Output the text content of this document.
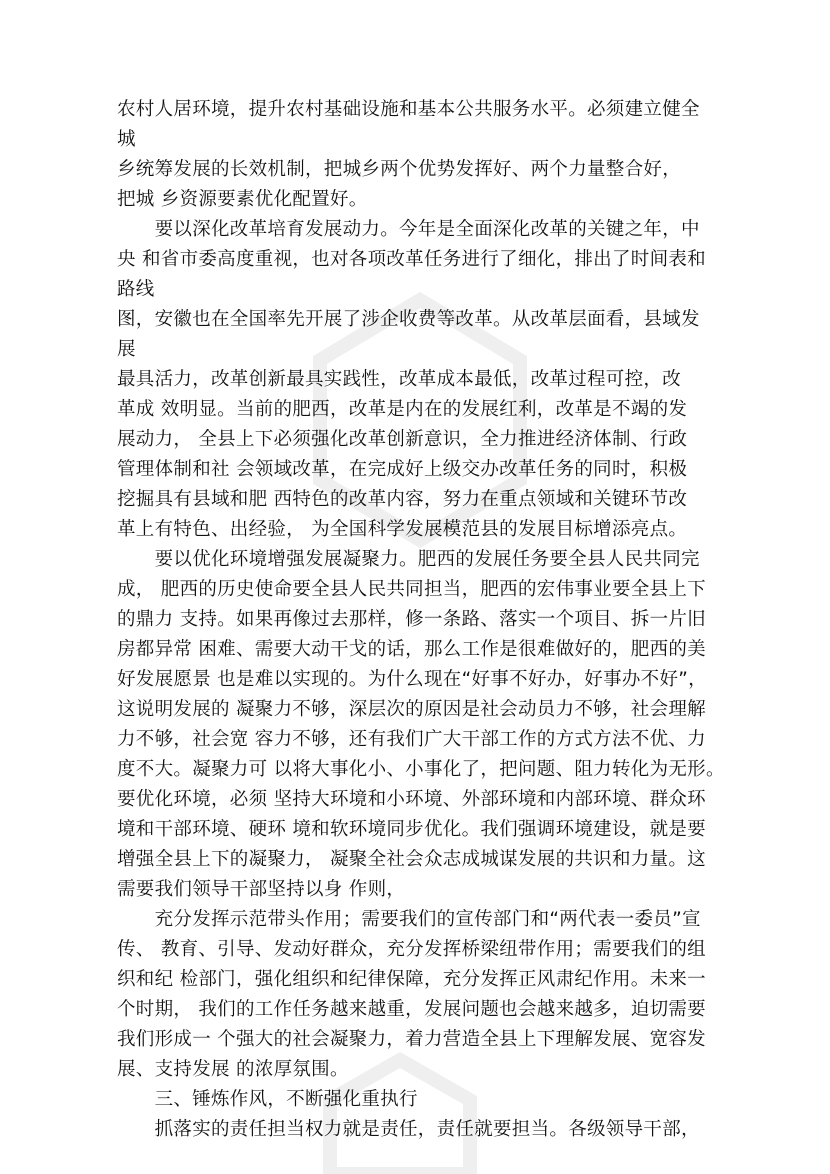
农村人居环境，提升农村基础设施和基本公共服务水平。必须建立健全
城
乡统筹发展的长效机制，把城乡两个优势发挥好、两个力量整合好，
把城 乡资源要素优化配置好。
　　要以深化改革培育发展动力。今年是全面深化改革的关键之年，中
央 和省市委高度重视，也对各项改革任务进行了细化，排出了时间表和
路线
图，安徽也在全国率先开展了涉企收费等改革。从改革层面看，县域发
展
最具活力，改革创新最具实践性，改革成本最低，改革过程可控，改
革成 效明显。当前的肥西，改革是内在的发展红利，改革是不竭的发
展动力， 全县上下必须强化改革创新意识，全力推进经济体制、行政
管理体制和社 会领域改革，在完成好上级交办改革任务的同时，积极
挖掘具有县域和肥 西特色的改革内容，努力在重点领域和关键环节改
革上有特色、出经验， 为全国科学发展模范县的发展目标增添亮点。
　　要以优化环境增强发展凝聚力。肥西的发展任务要全县人民共同完
成， 肥西的历史使命要全县人民共同担当，肥西的宏伟事业要全县上下
的鼎力 支持。如果再像过去那样，修一条路、落实一个项目、拆一片旧
房都异常 困难、需要大动干戈的话，那么工作是很难做好的，肥西的美
好发展愿景 也是难以实现的。为什么现在“好事不好办，好事办不好”，
这说明发展的 凝聚力不够，深层次的原因是社会动员力不够，社会理解
力不够，社会宽 容力不够，还有我们广大干部工作的方式方法不优、力
度不大。凝聚力可 以将大事化小、小事化了，把问题、阻力转化为无形。
要优化环境，必须 坚持大环境和小环境、外部环境和内部环境、群众环
境和干部环境、硬环 境和软环境同步优化。我们强调环境建设，就是要
增强全县上下的凝聚力， 凝聚全社会众志成城谋发展的共识和力量。这
需要我们领导干部坚持以身 作则，
　　充分发挥示范带头作用；需要我们的宣传部门和“两代表一委员”宣
传、 教育、引导、发动好群众，充分发挥桥梁纽带作用；需要我们的组
织和纪 检部门，强化组织和纪律保障，充分发挥正风肃纪作用。未来一
个时期， 我们的工作任务越来越重，发展问题也会越来越多，迫切需要
我们形成一 个强大的社会凝聚力，着力营造全县上下理解发展、宽容发
展、支持发展 的浓厚氛围。
　　三、锤炼作风，不断强化重执行
　　抓落实的责任担当权力就是责任，责任就要担当。各级领导干部，
